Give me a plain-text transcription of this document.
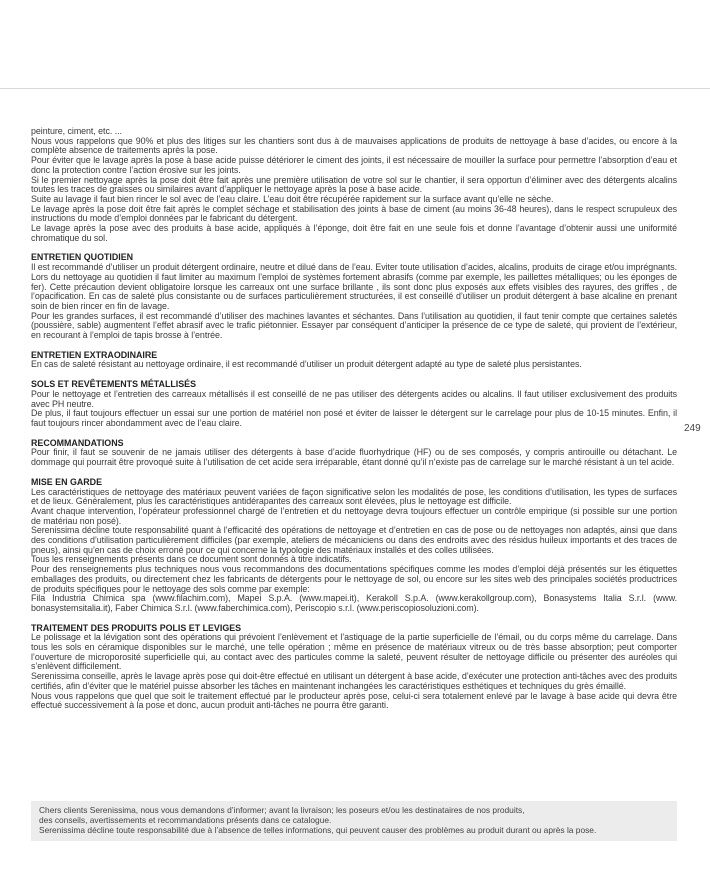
peinture, ciment, etc. ...

Nous vous rappelons que 90% et plus des litiges sur les chantiers sont dus à de mauvaises applications de produits de nettoyage à base d’acides, ou encore à la complète absence de traitements après la pose.

Pour éviter que le lavage après la pose à base acide puisse détériorer le ciment des joints, il est nécessaire de mouiller la surface pour permettre l’absorption d’eau et donc la protection contre l’action érosive sur les joints.

Si le premier nettoyage après la pose doit être fait après une première utilisation de votre sol sur le chantier, il sera opportun d’éliminer avec des détergents alcalins toutes les traces de graisses ou similaires avant d’appliquer le nettoyage après la pose à base acide.

Suite au lavage il faut bien rincer le sol avec de l’eau claire. L’eau doit être récupérée rapidement sur la surface avant qu’elle ne sèche.

Le lavage après la pose doit être fait après le complet séchage et stabilisation des joints à base de ciment (au moins 36-48 heures), dans le respect scrupuleux des instructions du mode d’emploi données par le fabricant du détergent.

Le lavage après la pose avec des produits à base acide, appliqués à l’éponge, doit être fait en une seule fois et donne l’avantage d’obtenir aussi une uniformité chromatique du sol.

ENTRETIEN QUOTIDIEN

Il est recommandé d’utiliser un produit détergent ordinaire, neutre et dilué dans de l’eau. Eviter toute utilisation d’acides, alcalins, produits de cirage et/ou imprégnants. Lors du nettoyage au quotidien il faut limiter au maximum l’emploi de systèmes fortement abrasifs (comme par exemple, les paillettes métalliques; ou les éponges de fer). Cette précaution devient obligatoire lorsque les carreaux ont une surface brillante , ils sont donc plus exposés aux effets visibles des rayures, des griffes , de l’opacification. En cas de saleté plus consistante ou de surfaces particulièrement structurées, il est conseillé d’utiliser un produit détergent à base alcaline en prenant soin de bien rincer en fin de lavage.

Pour les grandes surfaces, il est recommandé d’utiliser des machines lavantes et séchantes. Dans l’utilisation au quotidien, il faut tenir compte que certaines saletés (poussière, sable) augmentent l’effet abrasif avec le trafic piétonnier. Essayer par conséquent d’anticiper la présence de ce type de saleté, qui provient de l’extérieur, en recourant à l’emploi de tapis brosse à l’entrée.

ENTRETIEN EXTRAODINAIRE

En cas de saleté résistant au nettoyage ordinaire, il est recommandé d’utiliser un produit détergent adapté au type de saleté plus persistantes.

SOLS ET REVÊTEMENTS MÉTALLISÉS

Pour le nettoyage et l’entretien des carreaux métallisés il est conseillé de ne pas utiliser des détergents acides ou alcalins. Il faut utiliser exclusivement des produits avec PH neutre.

De plus, il faut toujours effectuer un essai sur une portion de matériel non posé et éviter de laisser le détergent sur le carrelage pour plus de 10-15 minutes. Enfin, il faut toujours rincer abondamment avec de l’eau claire.

RECOMMANDATIONS

Pour finir, il faut se souvenir de ne jamais utiliser des détergents à base d’acide fluorhydrique (HF) ou de ses composés, y compris antirouille ou détachant. Le dommage qui pourrait être provoqué suite à l’utilisation de cet acide sera irréparable, étant donné qu’il n’existe pas de carrelage sur le marché résistant à un tel acide.

MISE EN GARDE

Les caractéristiques de nettoyage des matériaux peuvent variées de façon significative selon les modalités de pose, les conditions d’utilisation, les types de surfaces et de lieux. Généralement, plus les caractéristiques antidérapantes des carreaux sont élevées, plus le nettoyage est difficile.

Avant chaque intervention, l’opérateur professionnel chargé de l’entretien et du nettoyage devra toujours effectuer un contrôle empirique (si possible sur une portion de matériau non posé).

Serenissima décline toute responsabilité quant à l’efficacité des opérations de nettoyage et d’entretien en cas de pose ou de nettoyages non adaptés, ainsi que dans des conditions d’utilisation particulièrement difficiles (par exemple, ateliers de mécaniciens ou dans des endroits avec des résidus huileux importants et des traces de pneus), ainsi qu’en cas de choix erroné pour ce qui concerne la typologie des matériaux installés et des colles utilisées.

Tous les renseignements présents dans ce document sont donnés à titre indicatifs.

Pour des renseignements plus techniques nous vous recommandons des documentations spécifiques comme les modes d’emploi déjà présentés sur les étiquettes emballages des produits, ou directement chez les fabricants de détergents pour le nettoyage de sol, ou encore sur les sites web des principales sociétés productrices de produits spécifiques pour le nettoyage des sols comme par exemple:

Fila Industria Chimica spa (www.filachim.com), Mapei S.p.A. (www.mapei.it), Kerakoll S.p.A. (www.kerakollgroup.com), Bonasystems Italia S.r.l. (www. bonasystemsitalia.it), Faber Chimica S.r.l. (www.faberchimica.com), Periscopio s.r.l. (www.periscopiosoluzioni.com).

TRAITEMENT DES PRODUITS POLIS ET LEVIGES

Le polissage et la lévigation sont des opérations qui prévoient l’enlèvement et l’astiquage de la partie superficielle de l’émail, ou du corps même du carrelage. Dans tous les sols en céramique disponibles sur le marché, une telle opération ; même en présence de matériaux vitreux ou de très basse absorption; peut comporter l’ouverture de microporosité superficielle qui, au contact avec des particules comme la saleté, peuvent résulter de nettoyage difficile ou présenter des auréoles qui s’enlèvent difficilement.

Serenissima conseille, après le lavage après pose qui doit-être effectué en utilisant un détergent à base acide, d’exécuter une protection anti-tâches avec des produits certifiés, afin d’éviter que le matériel puisse absorber les tâches en maintenant inchangées les caractéristiques esthétiques et techniques du grès émaillé.

Nous vous rappelons que quel que soit le traitement effectué par le producteur après pose, celui-ci sera totalement enlevé par le lavage à base acide qui devra être effectué successivement à la pose et donc, aucun produit anti-tâches ne pourra être garanti.

249

Chers clients Serenissima, nous vous demandons d’informer; avant la livraison; les poseurs et/ou les destinataires de nos produits,

des conseils, avertissements et recommandations présents dans ce catalogue.

Serenissima décline toute responsabilité due à l’absence de telles informations, qui peuvent causer des problèmes au produit durant ou après la pose.
